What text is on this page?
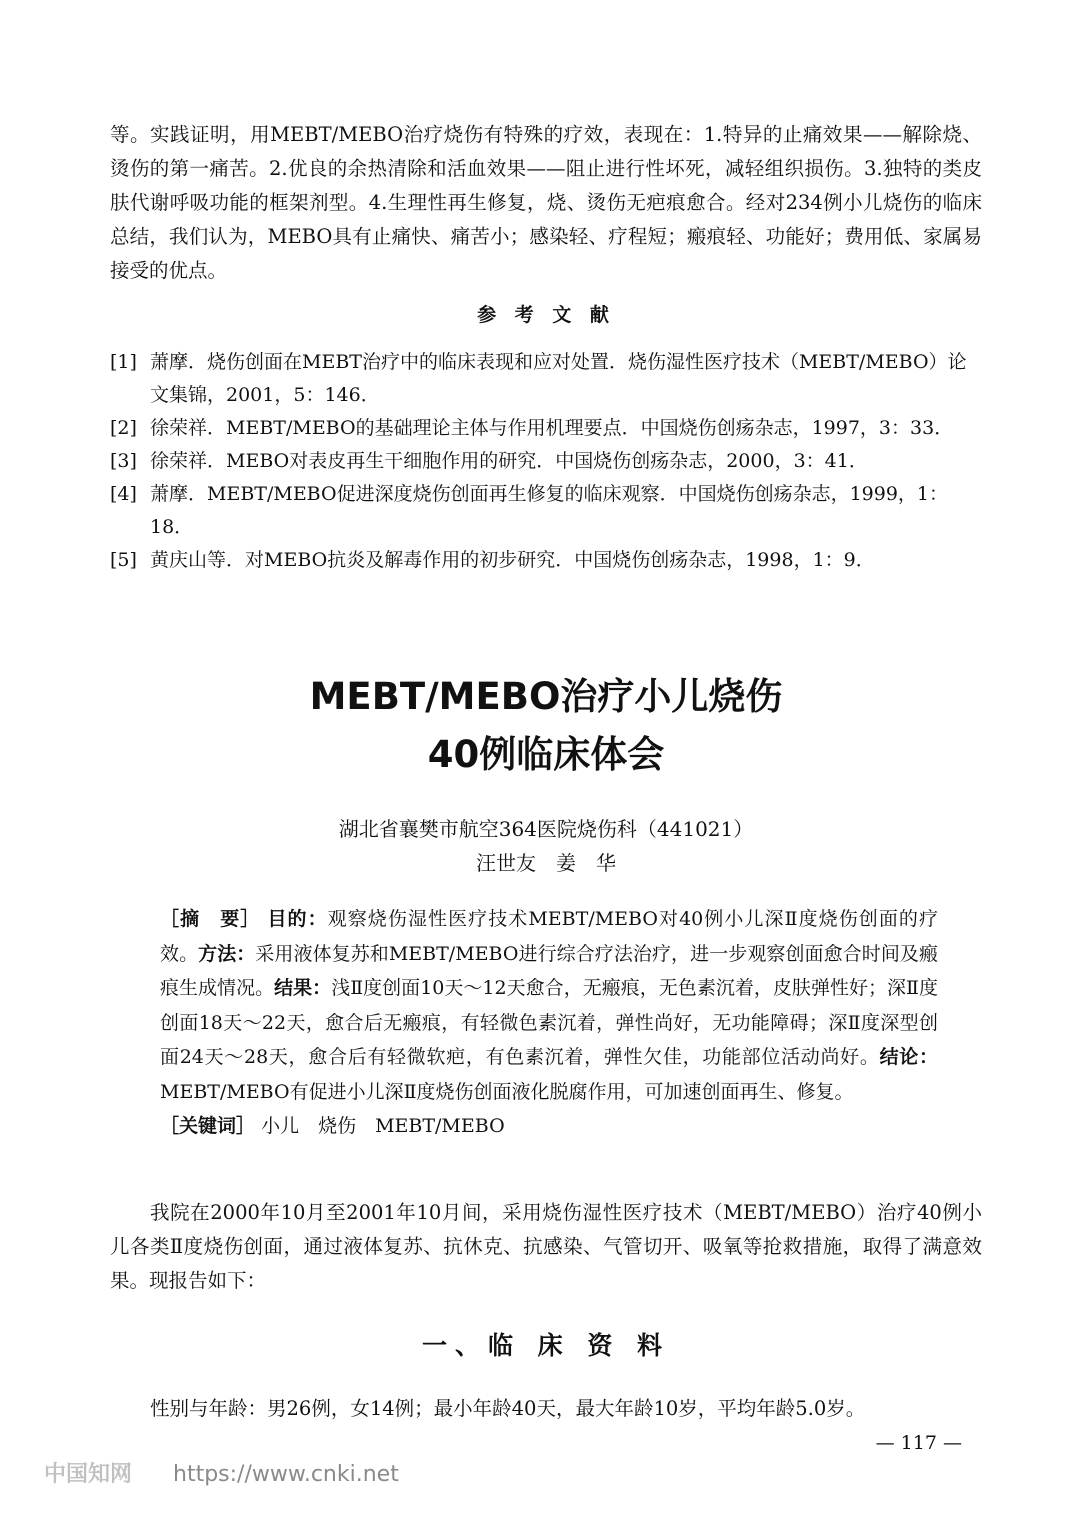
等。实践证明，用MEBT/MEBO治疗烧伤有特殊的疗效，表现在：1.特异的止痛效果——解除烧、烫伤的第一痛苦。2.优良的余热清除和活血效果——阻止进行性坏死，减轻组织损伤。3.独特的类皮肤代谢呼吸功能的框架剂型。4.生理性再生修复，烧、烫伤无疤痕愈合。经对234例小儿烧伤的临床总结，我们认为，MEBO具有止痛快、痛苦小；感染轻、疗程短；瘢痕轻、功能好；费用低、家属易接受的优点。

参 考 文 献
[1] 萧摩．烧伤创面在MEBT治疗中的临床表现和应对处置．烧伤湿性医疗技术（MEBT/MEBO）论文集锦，2001，5：146．
[2] 徐荣祥．MEBT/MEBO的基础理论主体与作用机理要点．中国烧伤创疡杂志，1997，3：33．
[3] 徐荣祥．MEBO对表皮再生干细胞作用的研究．中国烧伤创疡杂志，2000，3：41．
[4] 萧摩．MEBT/MEBO促进深度烧伤创面再生修复的临床观察．中国烧伤创疡杂志，1999，1：18．
[5] 黄庆山等．对MEBO抗炎及解毒作用的初步研究．中国烧伤创疡杂志，1998，1：9．
MEBT/MEBO治疗小儿烧伤
40例临床体会
湖北省襄樊市航空364医院烧伤科（441021）
汪世友　姜　华
［摘　要］ 目的：观察烧伤湿性医疗技术MEBT/MEBO对40例小儿深Ⅱ度烧伤创面的疗效。方法：采用液体复苏和MEBT/MEBO进行综合疗法治疗，进一步观察创面愈合时间及瘢痕生成情况。结果：浅Ⅱ度创面10天～12天愈合，无瘢痕，无色素沉着，皮肤弹性好；深Ⅱ度创面18天～22天，愈合后无瘢痕，有轻微色素沉着，弹性尚好，无功能障碍；深Ⅱ度深型创面24天～28天，愈合后有轻微软疤，有色素沉着，弹性欠佳，功能部位活动尚好。结论：MEBT/MEBO有促进小儿深Ⅱ度烧伤创面液化脱腐作用，可加速创面再生、修复。
［关键词］ 小儿　烧伤　MEBT/MEBO

我院在2000年10月至2001年10月间，采用烧伤湿性医疗技术（MEBT/MEBO）治疗40例小儿各类Ⅱ度烧伤创面，通过液体复苏、抗休克、抗感染、气管切开、吸氧等抢救措施，取得了满意效果。现报告如下：

一、临 床 资 料

性别与年龄：男26例，女14例；最小年龄40天，最大年龄10岁，平均年龄5.0岁。

— 117 —
中国知网 https://www.cnki.net
